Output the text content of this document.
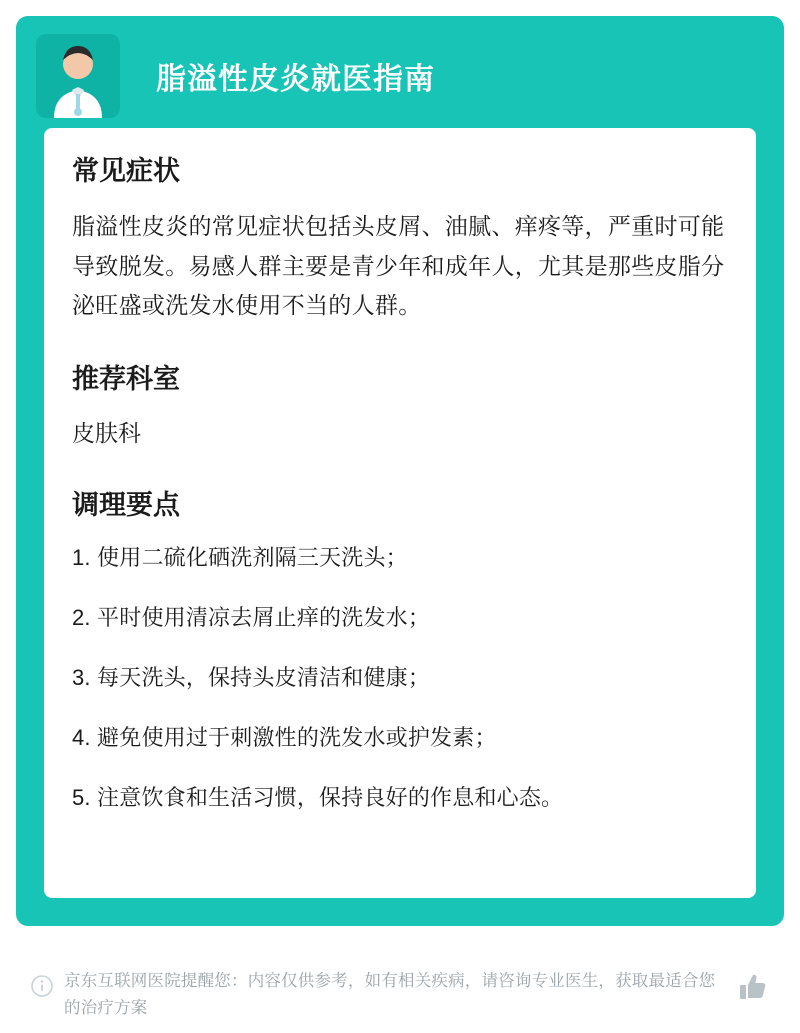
脂溢性皮炎就医指南
常见症状

脂溢性皮炎的常见症状包括头皮屑、油腻、痒疼等，严重时可能导致脱发。易感人群主要是青少年和成年人，尤其是那些皮脂分泌旺盛或洗发水使用不当的人群。

推荐科室

皮肤科

调理要点
1. 使用二硫化硒洗剂隔三天洗头；
2. 平时使用清凉去屑止痒的洗发水；
3. 每天洗头，保持头皮清洁和健康；
4. 避免使用过于刺激性的洗发水或护发素；
5. 注意饮食和生活习惯，保持良好的作息和心态。
京东互联网医院提醒您：内容仅供参考，如有相关疾病，请咨询专业医生，获取最适合您的治疗方案
